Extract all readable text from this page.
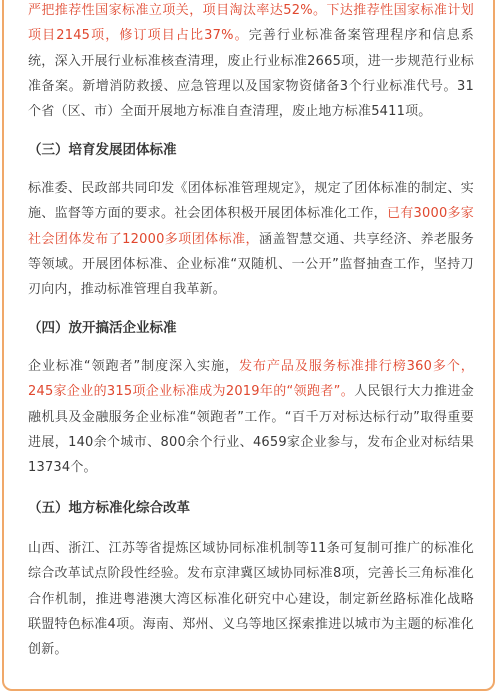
严把推荐性国家标准立项关，项目淘汰率达52%。下达推荐性国家标准计划项目2145项，修订项目占比37%。完善行业标准备案管理程序和信息系统，深入开展行业标准核查清理，废止行业标准2665项，进一步规范行业标准备案。新增消防救援、应急管理以及国家物资储备3个行业标准代号。31个省（区、市）全面开展地方标准自查清理，废止地方标准5411项。

（三）培育发展团体标准

标准委、民政部共同印发《团体标准管理规定》，规定了团体标准的制定、实施、监督等方面的要求。社会团体积极开展团体标准化工作，已有3000多家社会团体发布了12000多项团体标准，涵盖智慧交通、共享经济、养老服务等领域。开展团体标准、企业标准“双随机、一公开”监督抽查工作，坚持刀刃向内，推动标准管理自我革新。

（四）放开搞活企业标准

企业标准“领跑者”制度深入实施，发布产品及服务标准排行榜360多个，245家企业的315项企业标准成为2019年的“领跑者”。人民银行大力推进金融机具及金融服务企业标准“领跑者”工作。“百千万对标达标行动”取得重要进展，140余个城市、800余个行业、4659家企业参与，发布企业对标结果13734个。

（五）地方标准化综合改革

山西、浙江、江苏等省提炼区域协同标准机制等11条可复制可推广的标准化综合改革试点阶段性经验。发布京津冀区域协同标准8项，完善长三角标准化合作机制，推进粤港澳大湾区标准化研究中心建设，制定新丝路标准化战略联盟特色标准4项。海南、郑州、义乌等地区探索推进以城市为主题的标准化创新。
